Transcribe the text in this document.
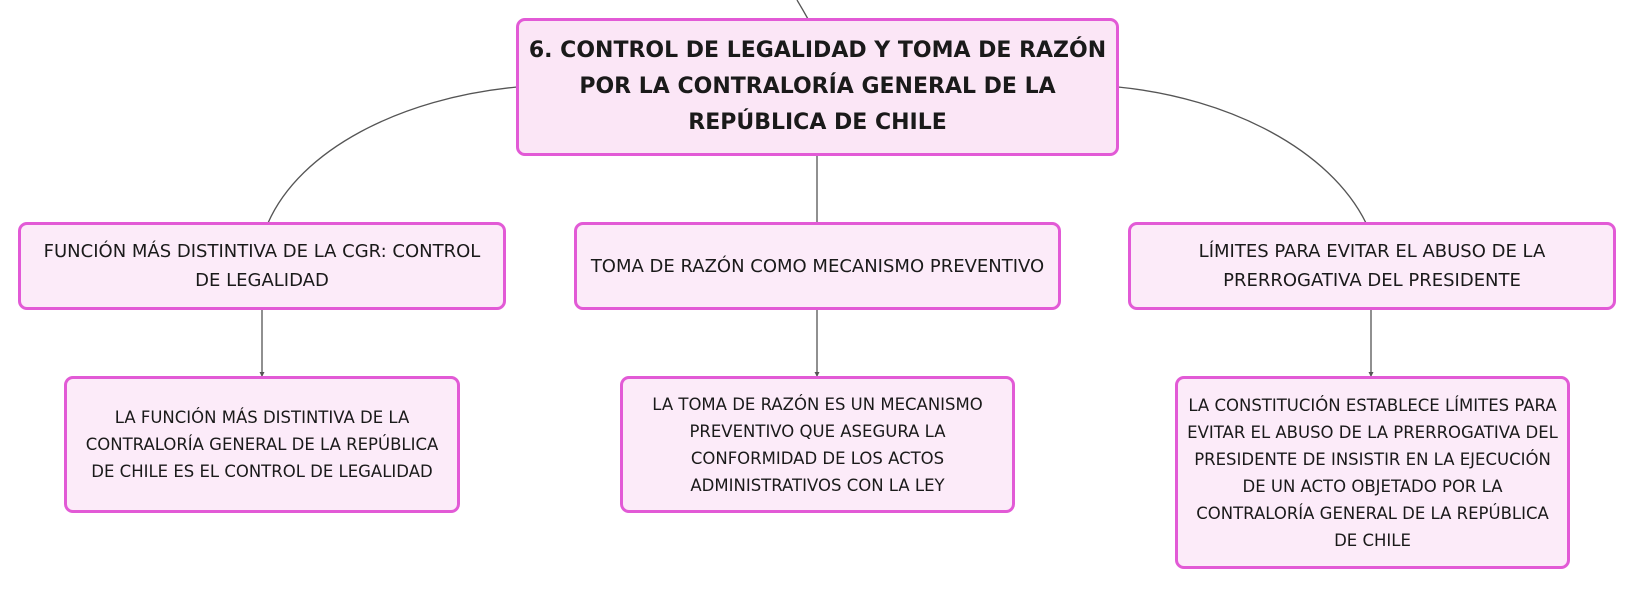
6. CONTROL DE LEGALIDAD Y TOMA DE RAZÓN POR LA CONTRALORÍA GENERAL DE LA REPÚBLICA DE CHILE
FUNCIÓN MÁS DISTINTIVA DE LA CGR: CONTROL DE LEGALIDAD
TOMA DE RAZÓN COMO MECANISMO PREVENTIVO
LÍMITES PARA EVITAR EL ABUSO DE LA PRERROGATIVA DEL PRESIDENTE
LA FUNCIÓN MÁS DISTINTIVA DE LA CONTRALORÍA GENERAL DE LA REPÚBLICA DE CHILE ES EL CONTROL DE LEGALIDAD
LA TOMA DE RAZÓN ES UN MECANISMO PREVENTIVO QUE ASEGURA LA CONFORMIDAD DE LOS ACTOS ADMINISTRATIVOS CON LA LEY
LA CONSTITUCIÓN ESTABLECE LÍMITES PARA EVITAR EL ABUSO DE LA PRERROGATIVA DEL PRESIDENTE DE INSISTIR EN LA EJECUCIÓN DE UN ACTO OBJETADO POR LA CONTRALORÍA GENERAL DE LA REPÚBLICA DE CHILE
